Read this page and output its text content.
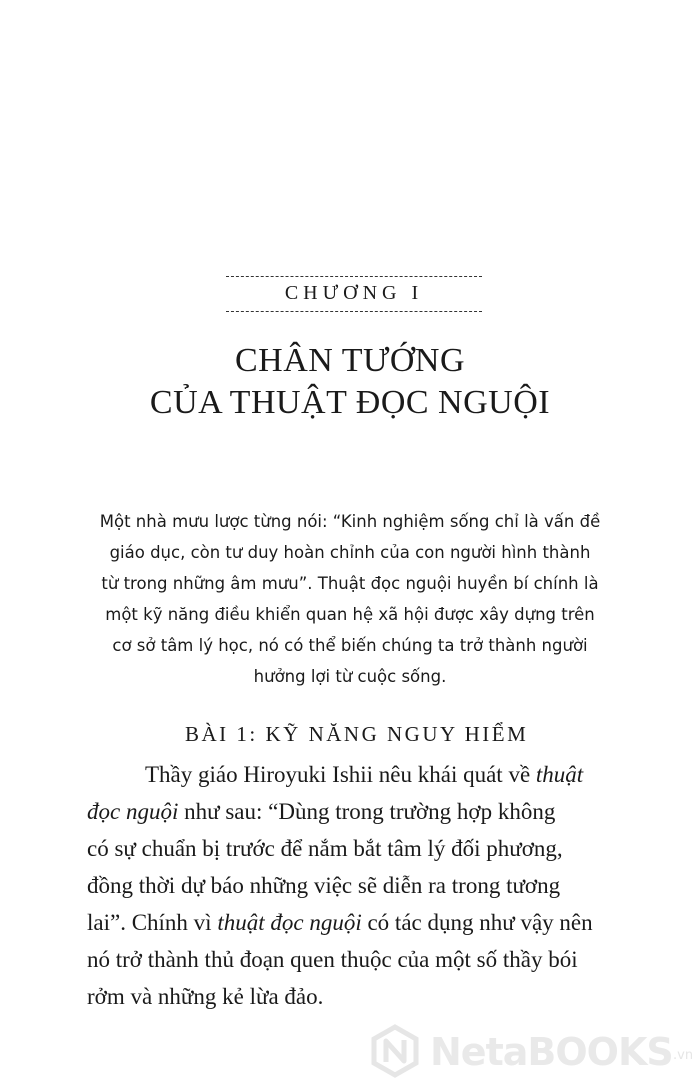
CHƯƠNG I
CHÂN TƯỚNG
CỦA THUẬT ĐỌC NGUỘI
Một nhà mưu lược từng nói: “Kinh nghiệm sống chỉ là vấn đề
giáo dục, còn tư duy hoàn chỉnh của con người hình thành
từ trong những âm mưu”. Thuật đọc nguội huyền bí chính là
một kỹ năng điều khiển quan hệ xã hội được xây dựng trên
cơ sở tâm lý học, nó có thể biến chúng ta trở thành người
hưởng lợi từ cuộc sống.
BÀI 1: KỸ NĂNG NGUY HIỂM
Thầy giáo Hiroyuki Ishii nêu khái quát về thuật
đọc nguội như sau: “Dùng trong trường hợp không
có sự chuẩn bị trước để nắm bắt tâm lý đối phương,
đồng thời dự báo những việc sẽ diễn ra trong tương
lai”. Chính vì thuật đọc nguội có tác dụng như vậy nên
nó trở thành thủ đoạn quen thuộc của một số thầy bói
rởm và những kẻ lừa đảo.
NetaBOOKS .vn
